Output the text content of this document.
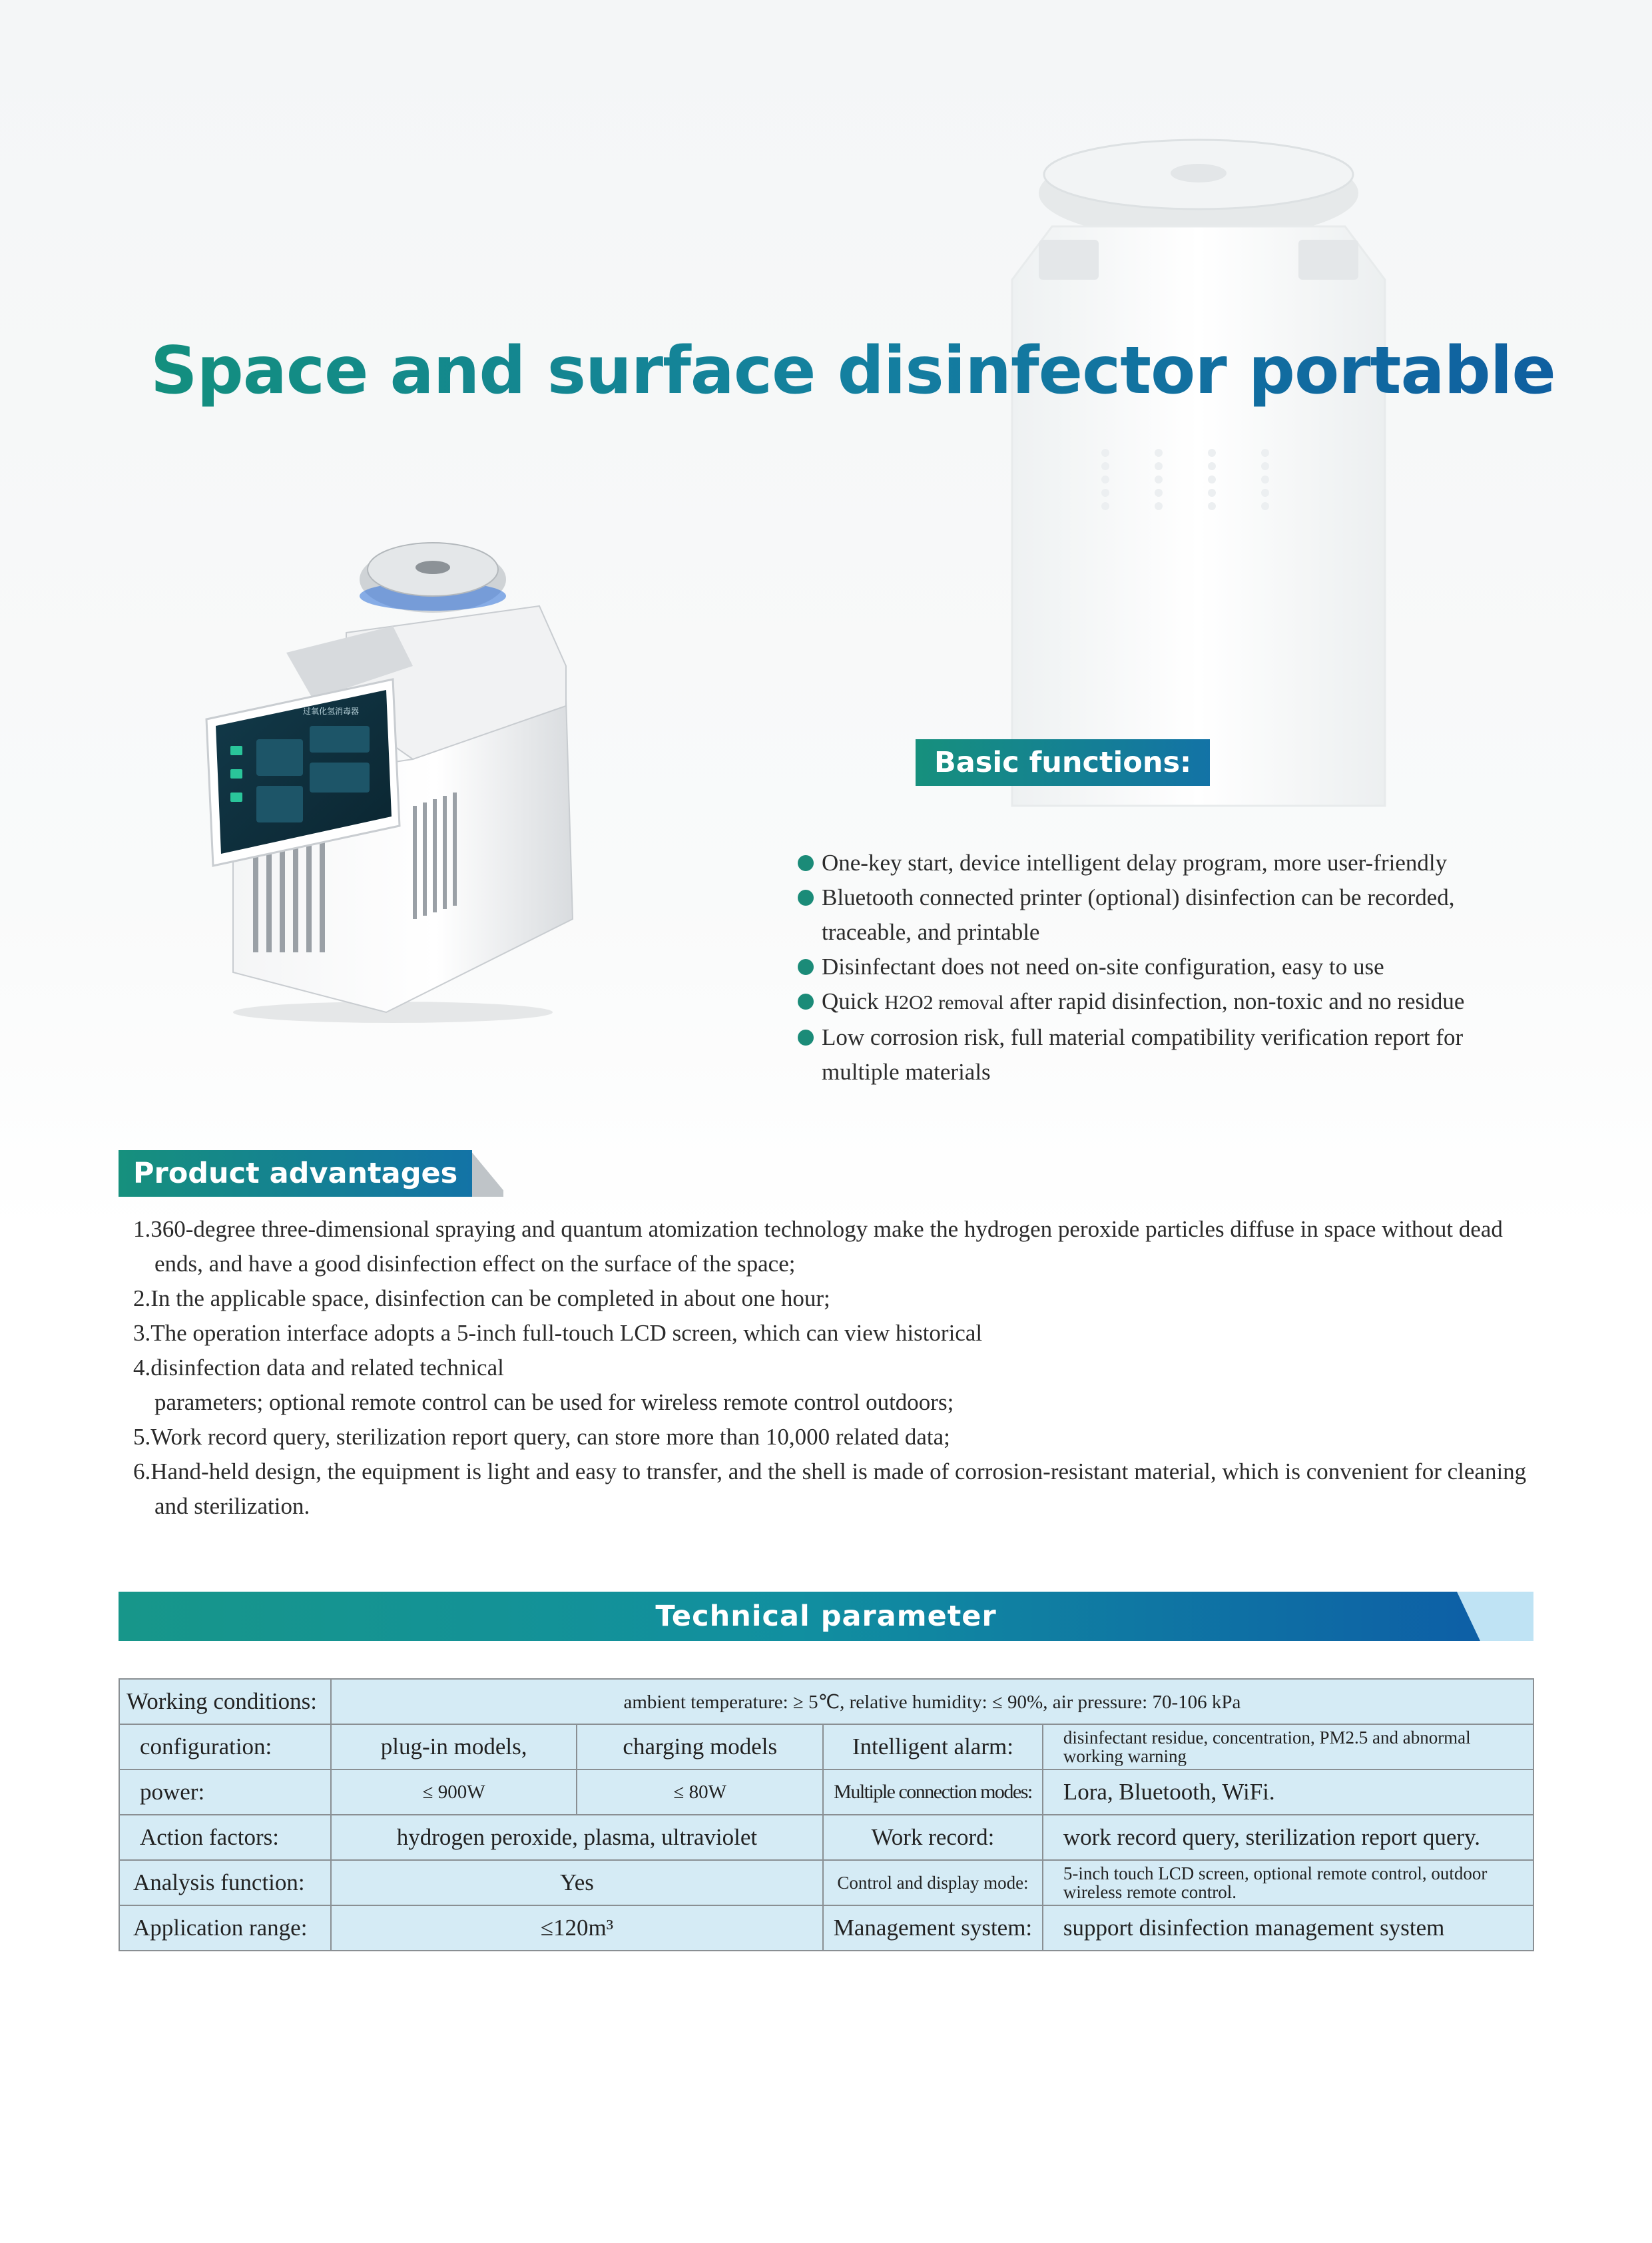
Space and surface disinfector portable
过氧化氢消毒器
Basic functions:
One-key start, device intelligent delay program, more user-friendly
Bluetooth connected printer (optional) disinfection can be recorded,
traceable, and printable
Disinfectant does not need on-site configuration, easy to use
Quick H2O2 removal after rapid disinfection, non-toxic and no residue
Low corrosion risk, full material compatibility verification report for
multiple materials
Product advantages

1.360-degree three-dimensional spraying and quantum atomization technology make the hydrogen peroxide particles diffuse in space without dead ends, and have a good disinfection effect on the surface of the space;

2.In the applicable space, disinfection can be completed in about one hour;

3.The operation interface adopts a 5-inch full-touch LCD screen, which can view historical

4.disinfection data and related technical

parameters; optional remote control can be used for wireless remote control outdoors;

5.Work record query, sterilization report query, can store more than 10,000 related data;

6.Hand-held design, the equipment is light and easy to transfer, and the shell is made of corrosion-resistant material, which is convenient for cleaning and sterilization.

Technical parameter
Working conditions:	ambient temperature: ≥ 5℃, relative humidity: ≤ 90%, air pressure: 70-106 kPa			
configuration:	plug-in models,	charging models	Intelligent alarm:	disinfectant residue, concentration, PM2.5 and abnormal working warning
power:	≤ 900W	≤ 80W	Multiple connection modes:	Lora, Bluetooth, WiFi.
Action factors:	hydrogen peroxide, plasma, ultraviolet		Work record:	work record query, sterilization report query.
Analysis function:	Yes		Control and display mode:	5-inch touch LCD screen, optional remote control, outdoor wireless remote control.
Application range:	≤120m³		Management system:	support disinfection management system
